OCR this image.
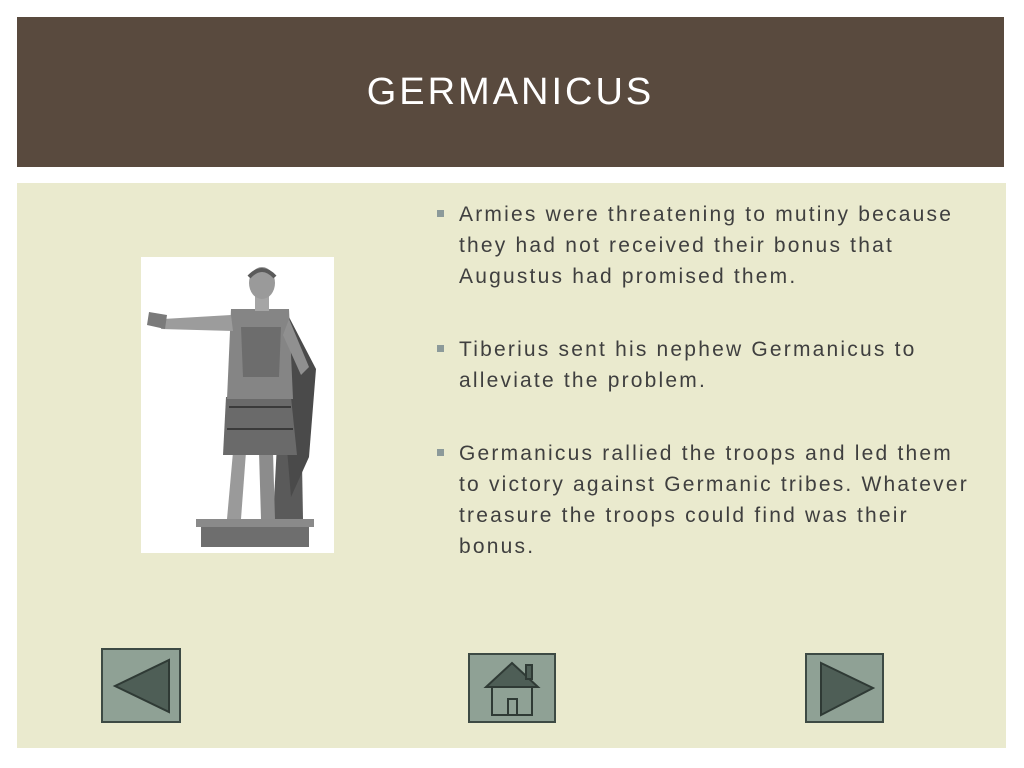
GERMANICUS
Armies were threatening to mutiny because they had not received their bonus that Augustus had promised them.
Tiberius sent his nephew Germanicus to alleviate the problem.
Germanicus rallied the troops and led them to victory against Germanic tribes. Whatever treasure the troops could find was their bonus.
